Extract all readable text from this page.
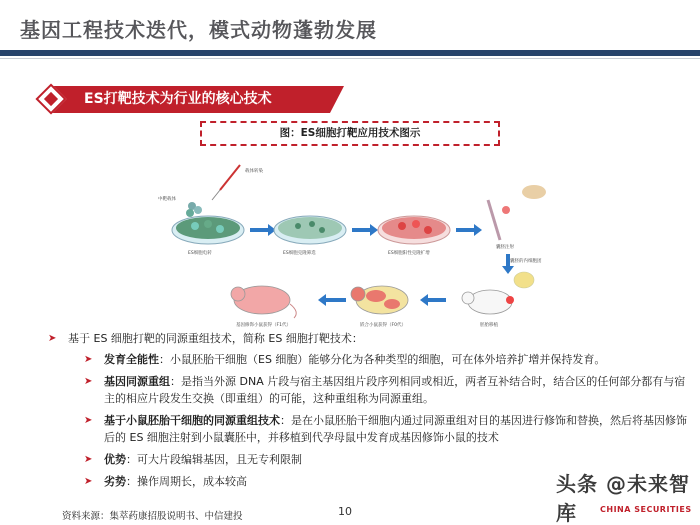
基因工程技术迭代，模式动物蓬勃发展
ES打靶技术为行业的核心技术
图：ES细胞打靶应用技术图示
载体转染
中靶载体
ES细胞电转	ES细胞克隆筛选	ES细胞阳性克隆扩增
囊胚注射
囊胚的内细胞团
胚胎移植
嵌合小鼠获得（F0代）
基因修饰小鼠获得（F1代）
➤ 基于 ES 细胞打靶的同源重组技术，简称 ES 细胞打靶技术：
➤ 发育全能性：小鼠胚胎干细胞（ES 细胞）能够分化为各种类型的细胞，可在体外培养扩增并保持发育。
➤ 基因同源重组：是指当外源 DNA 片段与宿主基因组片段序列相同或相近，两者互补结合时，结合区的任何部分都有与宿主的相应片段发生交换（即重组）的可能，这种重组称为同源重组。
➤ 基于小鼠胚胎干细胞的同源重组技术：是在小鼠胚胎干细胞内通过同源重组对目的基因进行修饰和替换，然后将基因修饰后的 ES 细胞注射到小鼠囊胚中，并移植到代孕母鼠中发育成基因修饰小鼠的技术
➤ 优势：可大片段编辑基因，且无专利限制
➤ 劣势：操作周期长，成本较高
资料来源：集萃药康招股说明书、中信建投	10
头条 @未来智库	CHINA SECURITIES
